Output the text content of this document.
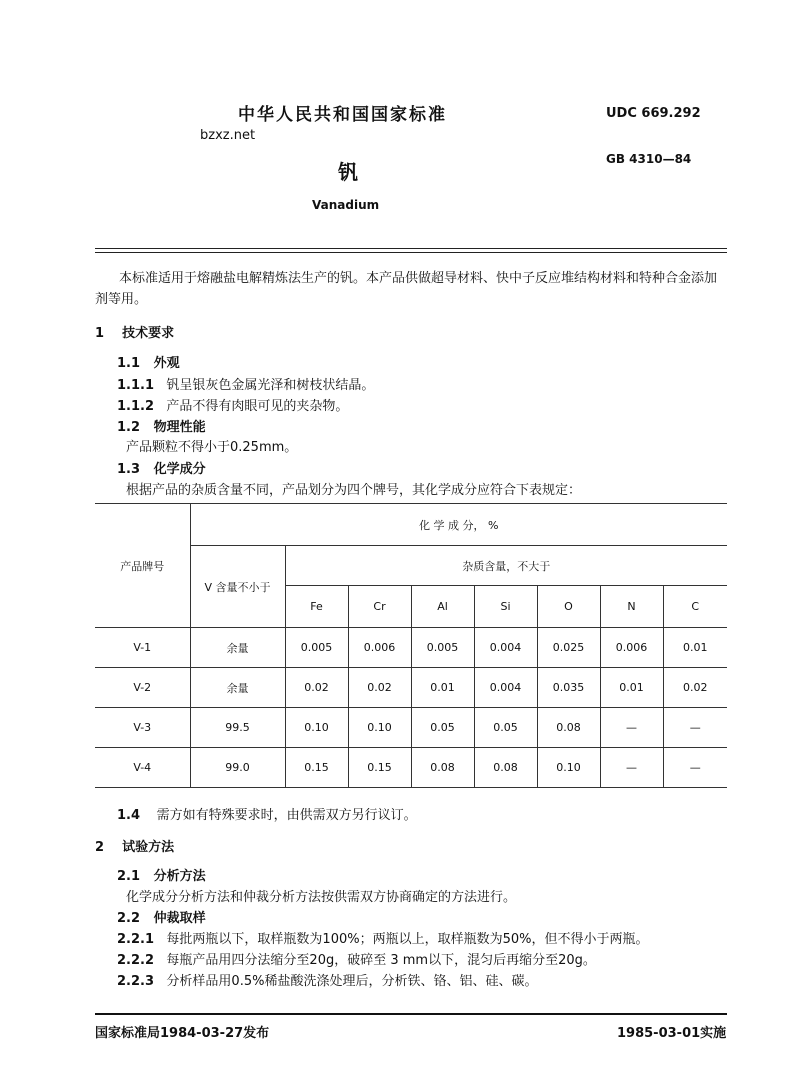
bzxz.net
中华人民共和国国家标准	UDC 669.292
GB 4310—84
钒
Vanadium
本标准适用于熔融盐电解精炼法生产的钒。本产品供做超导材料、快中子反应堆结构材料和特种合金添加剂等用。
1 技术要求
1.1 外观
1.1.1 钒呈银灰色金属光泽和树枝状结晶。
1.1.2 产品不得有肉眼可见的夹杂物。
1.2 物理性能
产品颗粒不得小于0.25mm。
1.3 化学成分
根据产品的杂质含量不同，产品划分为四个牌号，其化学成分应符合下表规定：
产品牌号	化 学 成 分， %							
	V 含量不小于	杂质含量，不大于						
		Fe	Cr	Al	Si	O	N	C
V-1	余量	0.005	0.006	0.005	0.004	0.025	0.006	0.01
V-2	余量	0.02	0.02	0.01	0.004	0.035	0.01	0.02
V-3	99.5	0.10	0.10	0.05	0.05	0.08	—	—
V-4	99.0	0.15	0.15	0.08	0.08	0.10	—	—
1.4 需方如有特殊要求时，由供需双方另行议订。
2 试验方法
2.1 分析方法
化学成分分析方法和仲裁分析方法按供需双方协商确定的方法进行。
2.2 仲裁取样
2.2.1 每批两瓶以下，取样瓶数为100%；两瓶以上，取样瓶数为50%，但不得小于两瓶。
2.2.2 每瓶产品用四分法缩分至20g，破碎至 3 mm以下，混匀后再缩分至20g。
2.2.3 分析样品用0.5%稀盐酸洗涤处理后，分析铁、铬、铝、硅、碳。
国家标准局1984-03-27发布	1985-03-01实施
